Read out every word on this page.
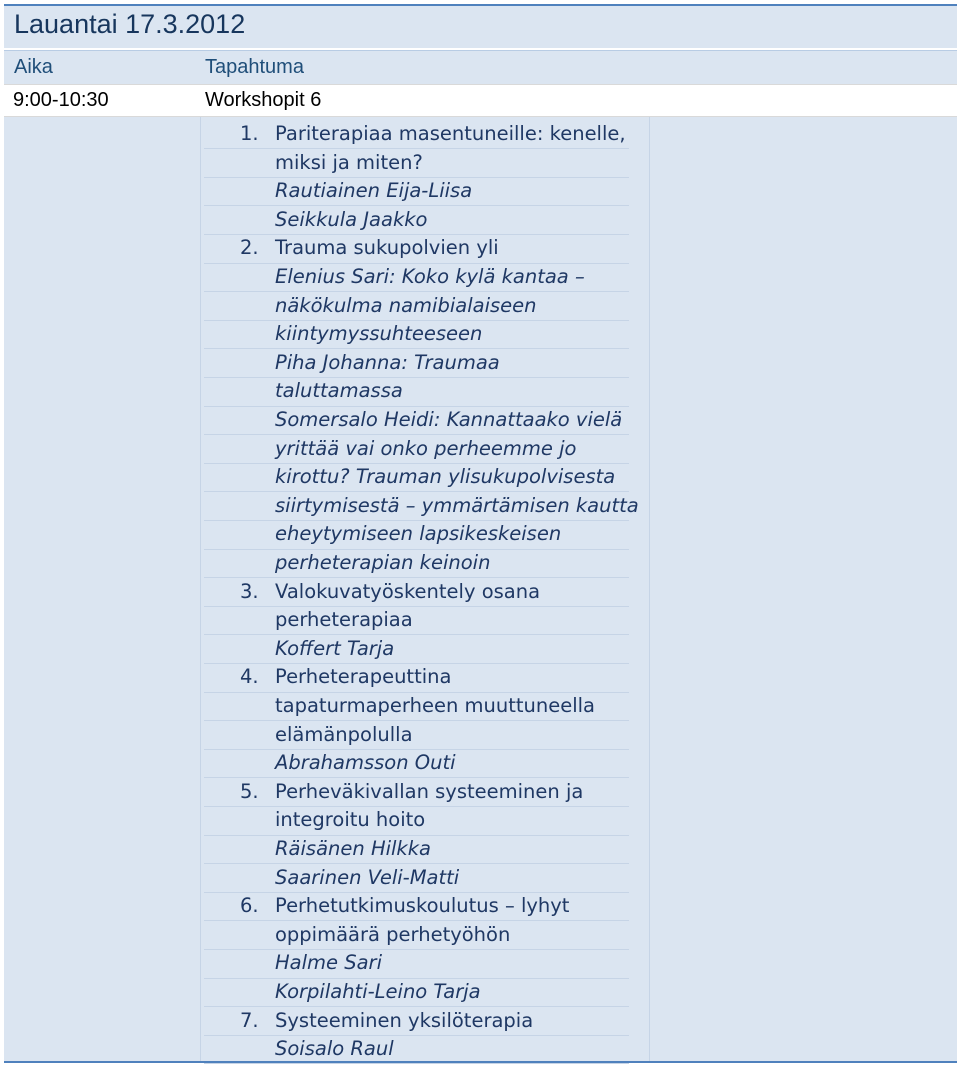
Lauantai 17.3.2012
Aika	Tapahtuma
9:00-10:30	Workshopit 6
1. Pariterapiaa masentuneille: kenelle,
miksi ja miten?
Rautiainen Eija-Liisa
Seikkula Jaakko
2. Trauma sukupolvien yli
Elenius Sari: Koko kylä kantaa –
näkökulma namibialaiseen
kiintymyssuhteeseen
Piha Johanna: Traumaa
taluttamassa
Somersalo Heidi: Kannattaako vielä
yrittää vai onko perheemme jo
kirottu? Trauman ylisukupolvisesta
siirtymisestä – ymmärtämisen kautta
eheytymiseen lapsikeskeisen
perheterapian keinoin
3. Valokuvatyöskentely osana
perheterapiaa
Koffert Tarja
4. Perheterapeuttina
tapaturmaperheen muuttuneella
elämänpolulla
Abrahamsson Outi
5. Perheväkivallan systeeminen ja
integroitu hoito
Räisänen Hilkka
Saarinen Veli-Matti
6. Perhetutkimuskoulutus – lyhyt
oppimäärä perhetyöhön
Halme Sari
Korpilahti-Leino Tarja
7. Systeeminen yksilöterapia
Soisalo Raul
